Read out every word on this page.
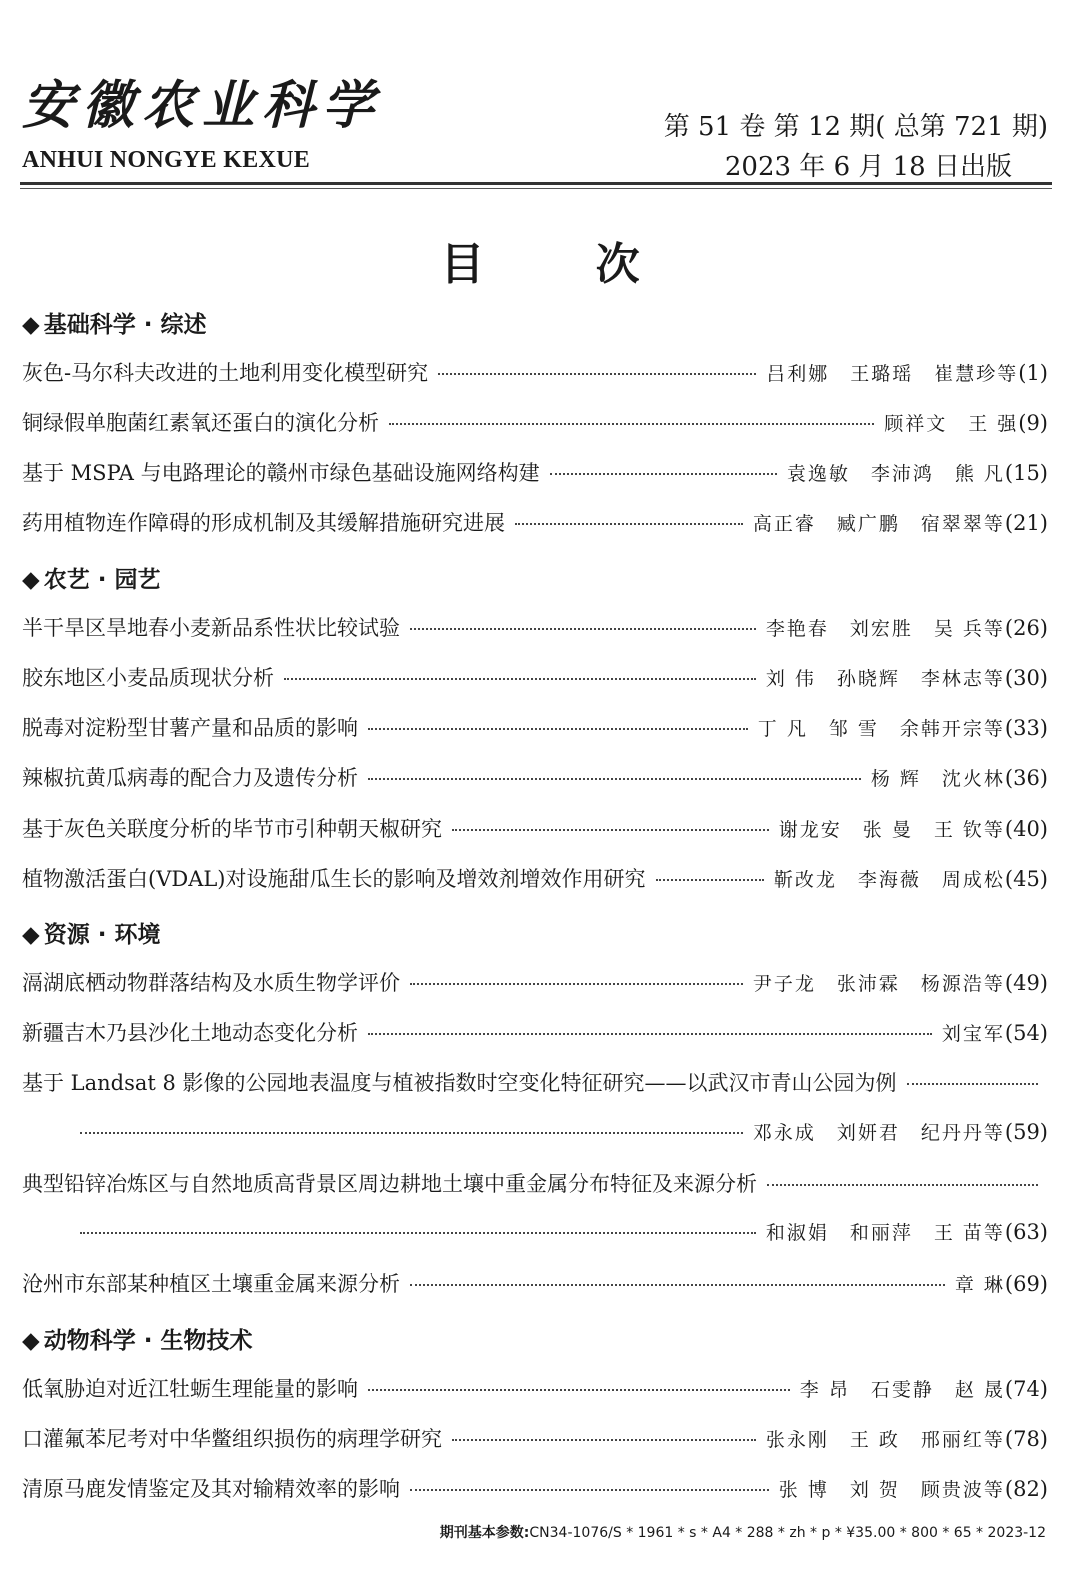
安徽农业科学
ANHUI NONGYE KEXUE
第 51 卷 第 12 期( 总第 721 期)
2023 年 6 月 18 日出版
目 次
◆ 基础科学 · 综述
灰色-马尔科夫改进的土地利用变化模型研究	吕利娜　王璐瑶　崔慧珍等 (1)
铜绿假单胞菌红素氧还蛋白的演化分析	顾祥文　王 强 (9)
基于 MSPA 与电路理论的赣州市绿色基础设施网络构建	袁逸敏　李沛鸿　熊 凡 (15)
药用植物连作障碍的形成机制及其缓解措施研究进展	高正睿　臧广鹏　宿翠翠等 (21)
◆ 农艺 · 园艺
半干旱区旱地春小麦新品系性状比较试验	李艳春　刘宏胜　吴 兵等 (26)
胶东地区小麦品质现状分析	刘 伟　孙晓辉　李林志等 (30)
脱毒对淀粉型甘薯产量和品质的影响	丁 凡　邹 雪　余韩开宗等 (33)
辣椒抗黄瓜病毒的配合力及遗传分析	杨 辉　沈火林 (36)
基于灰色关联度分析的毕节市引种朝天椒研究	谢龙安　张 曼　王 钦等 (40)
植物激活蛋白(VDAL)对设施甜瓜生长的影响及增效剂增效作用研究	靳改龙　李海薇　周成松 (45)
◆ 资源 · 环境
滆湖底栖动物群落结构及水质生物学评价	尹子龙　张沛霖　杨源浩等 (49)
新疆吉木乃县沙化土地动态变化分析	刘宝军 (54)
基于 Landsat 8 影像的公园地表温度与植被指数时空变化特征研究——以武汉市青山公园为例
邓永成　刘妍君　纪丹丹等 (59)
典型铅锌冶炼区与自然地质高背景区周边耕地土壤中重金属分布特征及来源分析
和淑娟　和丽萍　王 苗等 (63)
沧州市东部某种植区土壤重金属来源分析	章 琳 (69)
◆ 动物科学 · 生物技术
低氧胁迫对近江牡蛎生理能量的影响	李 昂　石雯静　赵 晟 (74)
口灌氟苯尼考对中华鳖组织损伤的病理学研究	张永刚　王 政　邢丽红等 (78)
清原马鹿发情鉴定及其对输精效率的影响	张 博　刘 贺　顾贵波等 (82)
期刊基本参数:CN34-1076/S * 1961 * s * A4 * 288 * zh * p * ¥35.00 * 800 * 65 * 2023-12
